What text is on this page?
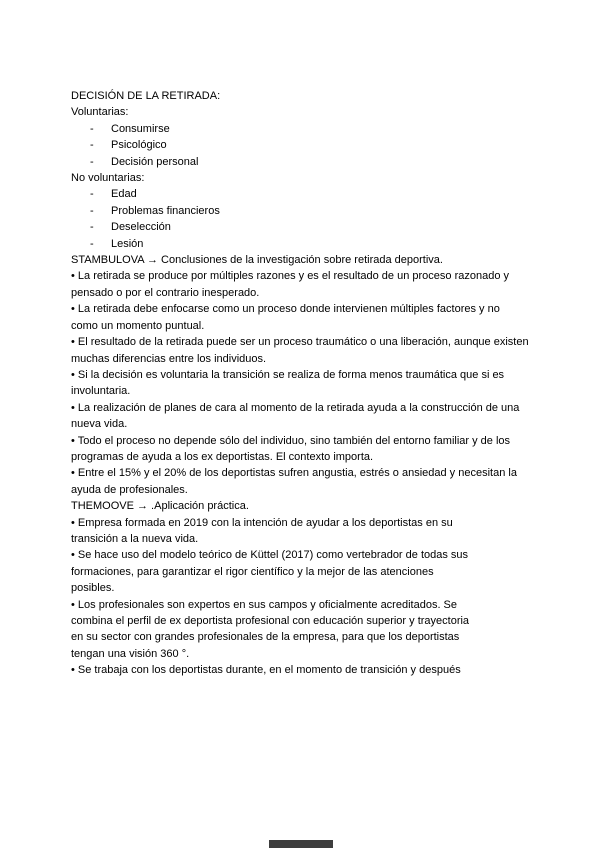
DECISIÓN DE LA RETIRADA:

Voluntarias:

-	Consumirse
-	Psicológico
-	Decisión personal

No voluntarias:

-	Edad
-	Problemas financieros
-	Deselección
-	Lesión

STAMBULOVA → Conclusiones de la investigación sobre retirada deportiva.

• La retirada se produce por múltiples razones y es el resultado de un proceso razonado y pensado o por el contrario inesperado.

• La retirada debe enfocarse como un proceso donde intervienen múltiples factores y no como un momento puntual.

• El resultado de la retirada puede ser un proceso traumático o una liberación, aunque existen muchas diferencias entre los individuos.

• Si la decisión es voluntaria la transición se realiza de forma menos traumática que si es involuntaria.

• La realización de planes de cara al momento de la retirada ayuda a la construcción de una nueva vida.

• Todo el proceso no depende sólo del individuo, sino también del entorno familiar y de los programas de ayuda a los ex deportistas. El contexto importa.

• Entre el 15% y el 20% de los deportistas sufren angustia, estrés o ansiedad y necesitan la ayuda de profesionales.

THEMOOVE → .Aplicación práctica.

• Empresa formada en 2019 con la intención de ayudar a los deportistas en su transición a la nueva vida.

• Se hace uso del modelo teórico de Küttel (2017) como vertebrador de todas sus formaciones, para garantizar el rigor científico y la mejor de las atenciones posibles.

• Los profesionales son expertos en sus campos y oficialmente acreditados. Se combina el perfil de ex deportista profesional con educación superior y trayectoria en su sector con grandes profesionales de la empresa, para que los deportistas tengan una visión 360 °.

• Se trabaja con los deportistas durante, en el momento de transición y después
